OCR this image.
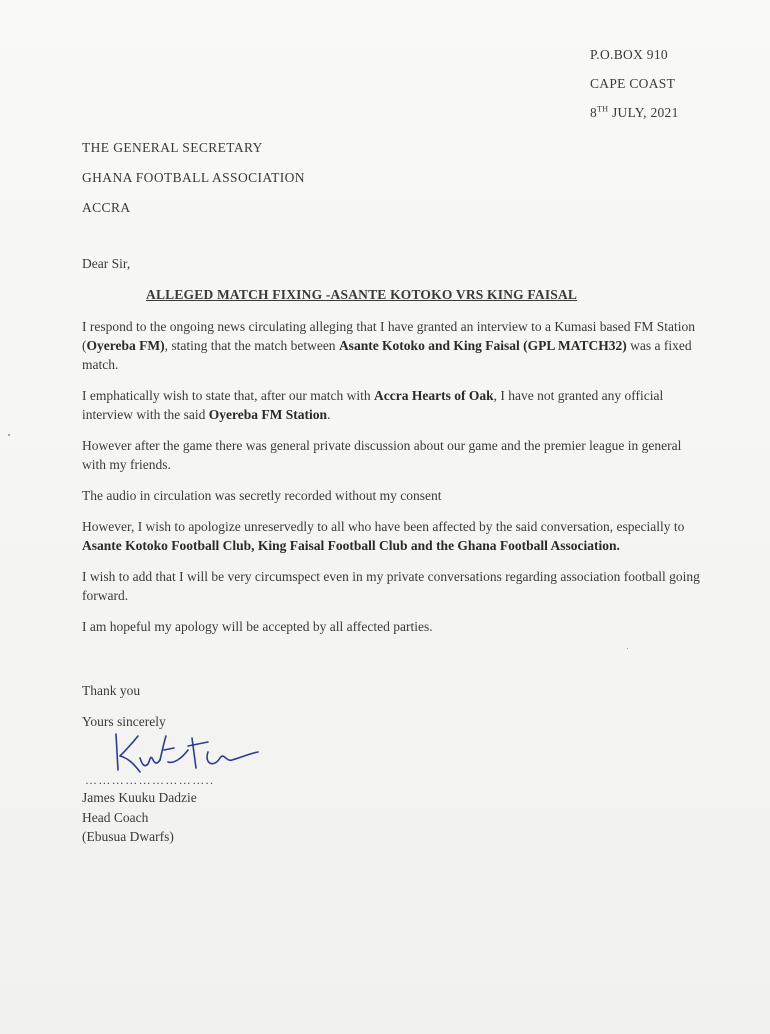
P.O.BOX 910
CAPE COAST
8TH JULY, 2021
THE GENERAL SECRETARY
GHANA FOOTBALL ASSOCIATION
ACCRA
Dear Sir,
ALLEGED MATCH FIXING -ASANTE KOTOKO VRS KING FAISAL

I respond to the ongoing news circulating alleging that I have granted an interview to a Kumasi based FM Station (Oyereba FM), stating that the match between Asante Kotoko and King Faisal (GPL MATCH32) was a fixed match.

I emphatically wish to state that, after our match with Accra Hearts of Oak, I have not granted any official interview with the said Oyereba FM Station.

However after the game there was general private discussion about our game and the premier league in general with my friends.

The audio in circulation was secretly recorded without my consent

However, I wish to apologize unreservedly to all who have been affected by the said conversation, especially to Asante Kotoko Football Club, King Faisal Football Club and the Ghana Football Association.

I wish to add that I will be very circumspect even in my private conversations regarding association football going forward.

I am hopeful my apology will be accepted by all affected parties.

Thank you
Yours sincerely
………………………..
James Kuuku Dadzie
Head Coach
(Ebusua Dwarfs)
